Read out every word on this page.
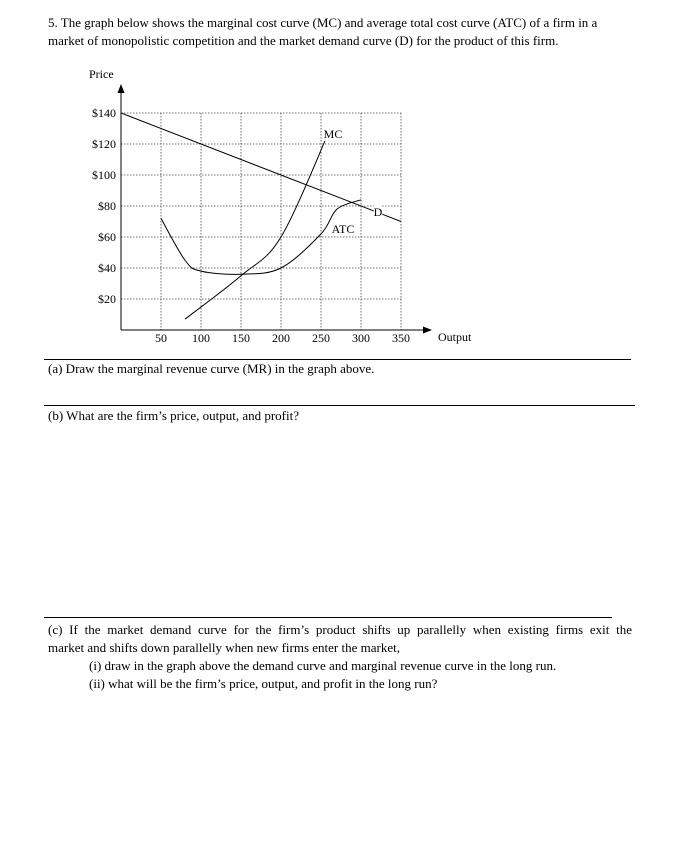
5. The graph below shows the marginal cost curve (MC) and average total cost curve (ATC) of a firm in a
market of monopolistic competition and the market demand curve (D) for the product of this firm.
$20
$40
$60
$80
$100
$120
$140
50 100 150 200 250 300 350
MC
ATC
D
Price
Output
(a) Draw the marginal revenue curve (MR) in the graph above.
(b) What are the firm’s price, output, and profit?
(c) If the market demand curve for the firm’s product shifts up parallelly when existing firms exit the
market and shifts down parallelly when new firms enter the market,
(i) draw in the graph above the demand curve and marginal revenue curve in the long run.
(ii) what will be the firm’s price, output, and profit in the long run?
